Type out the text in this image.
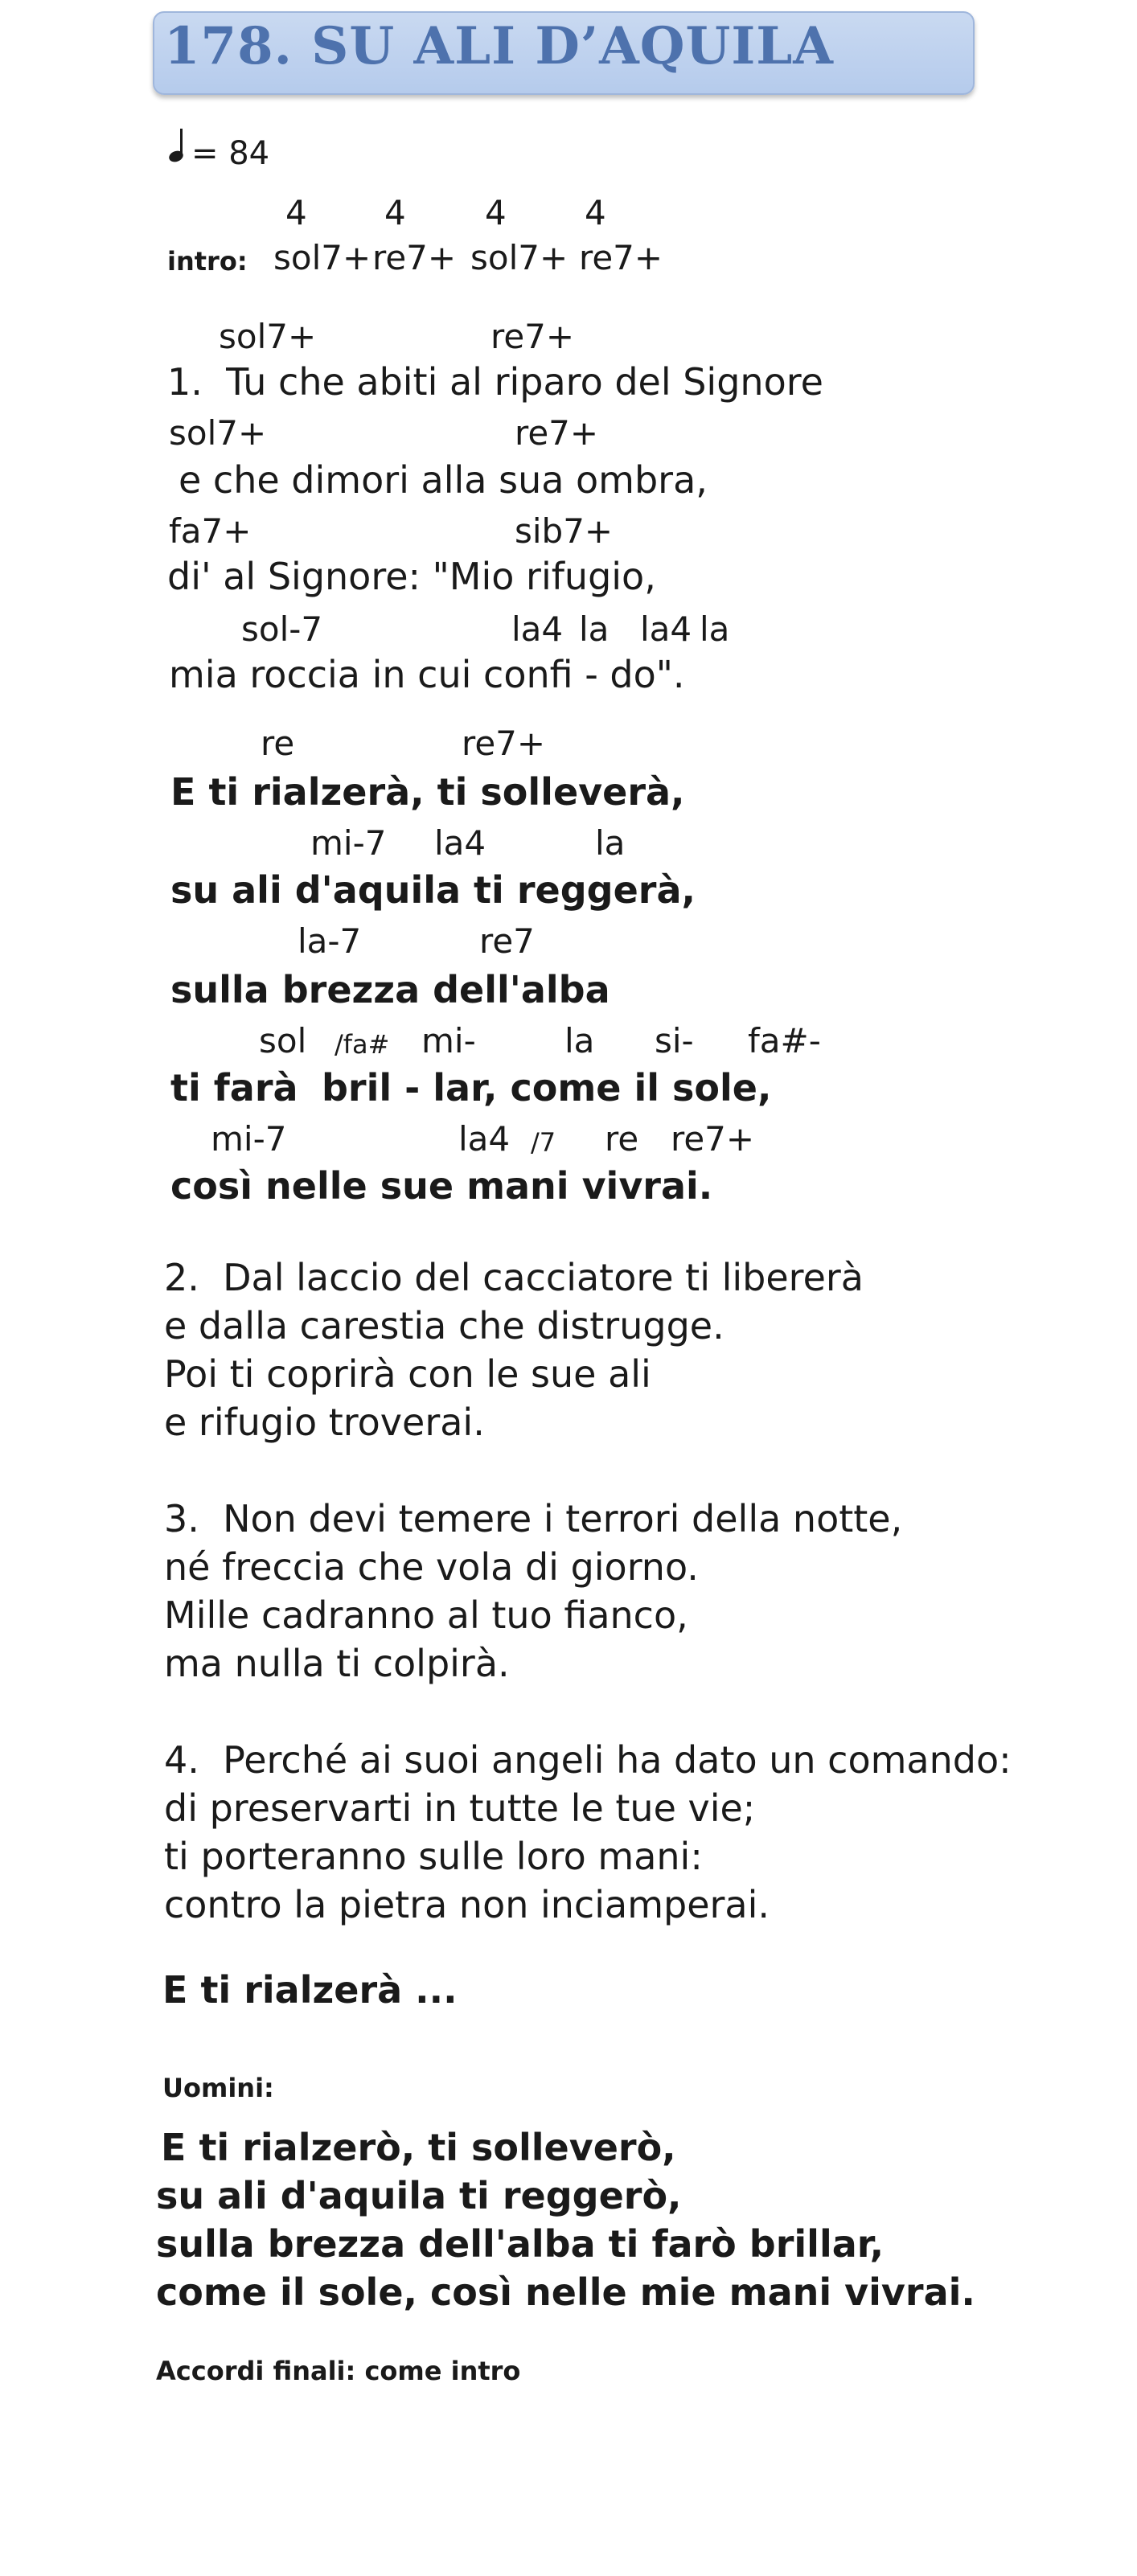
178. SU ALI D’AQUILA
= 84
4 4 4 4
intro: sol7+ re7+ sol7+ re7+
sol7+	re7+
1.  Tu che abiti al riparo del Signore
sol7+	re7+
e che dimori alla sua ombra,
fa7+	sib7+
di' al Signore: "Mio rifugio,
sol-7	la4 la la4 la
mia roccia in cui confi - do".
re	re7+
E ti rialzerà, ti solleverà,
mi-7 la4	la
su ali d'aquila ti reggerà,
la-7	re7
sulla brezza dell'alba
sol /fa# mi-	la si- fa#-
ti farà bril - lar, come il sole,
mi-7	la4 /7 re re7+
così nelle sue mani vivrai.
2.  Dal laccio del cacciatore ti libererà
e dalla carestia che distrugge.
Poi ti coprirà con le sue ali
e rifugio troverai.
3.  Non devi temere i terrori della notte,
né freccia che vola di giorno.
Mille cadranno al tuo fianco,
ma nulla ti colpirà.
4.  Perché ai suoi angeli ha dato un comando:
di preservarti in tutte le tue vie;
ti porteranno sulle loro mani:
contro la pietra non inciamperai.
E ti rialzerà ...
Uomini:
E ti rialzerò, ti solleverò,
su ali d'aquila ti reggerò,
sulla brezza dell'alba ti farò brillar,
come il sole, così nelle mie mani vivrai.
Accordi finali: come intro
